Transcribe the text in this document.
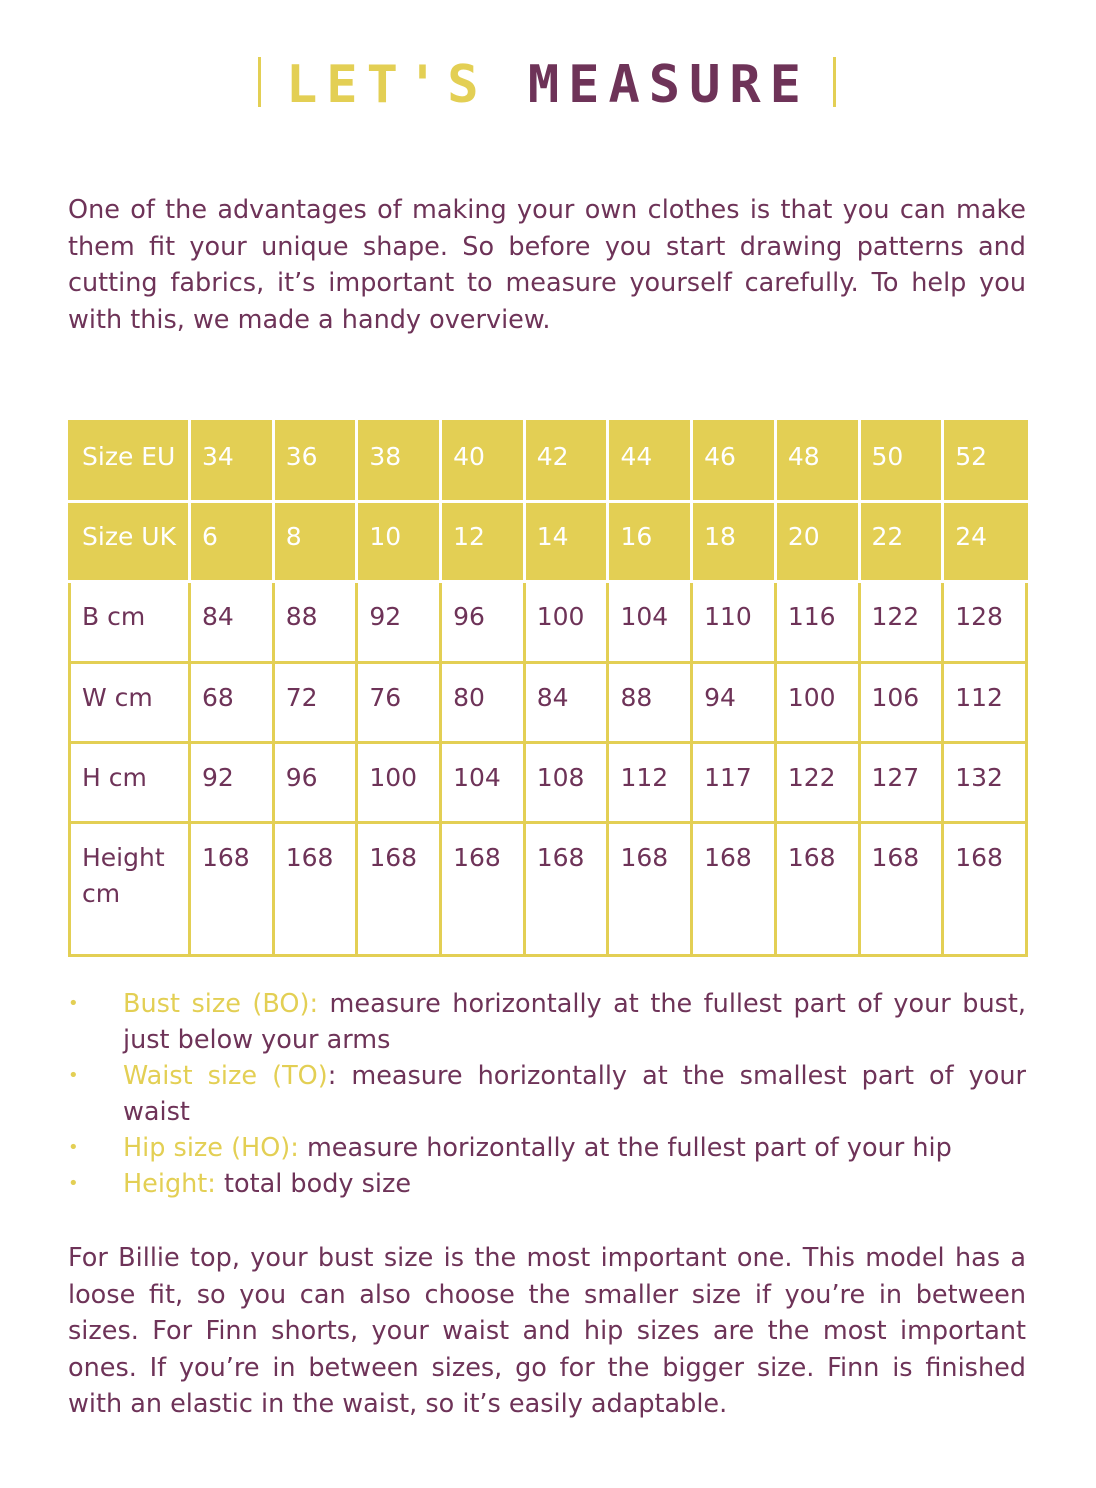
LET'S MEASURE

One of the advantages of making your own clothes is that you can make them fit your unique shape. So before you start drawing patterns and cutting fabrics, it’s important to measure yourself carefully. To help you with this, we made a handy overview.

Size EU	34	36	38	40	42	44	46	48	50	52
Size UK	6	8	10	12	14	16	18	20	22	24
B cm	84	88	92	96	100	104	110	116	122	128
W cm	68	72	76	80	84	88	94	100	106	112
H cm	92	96	100	104	108	112	117	122	127	132
Height cm	168	168	168	168	168	168	168	168	168	168
• Bust size (BO): measure horizontally at the fullest part of your bust, just below your arms
• Waist size (TO): measure horizontally at the smallest part of your waist
• Hip size (HO): measure horizontally at the fullest part of your hip
• Height: total body size

For Billie top, your bust size is the most important one. This model has a loose fit, so you can also choose the smaller size if you’re in between sizes. For Finn shorts, your waist and hip sizes are the most important ones. If you’re in between sizes, go for the bigger size. Finn is finished with an elastic in the waist, so it’s easily adaptable.
